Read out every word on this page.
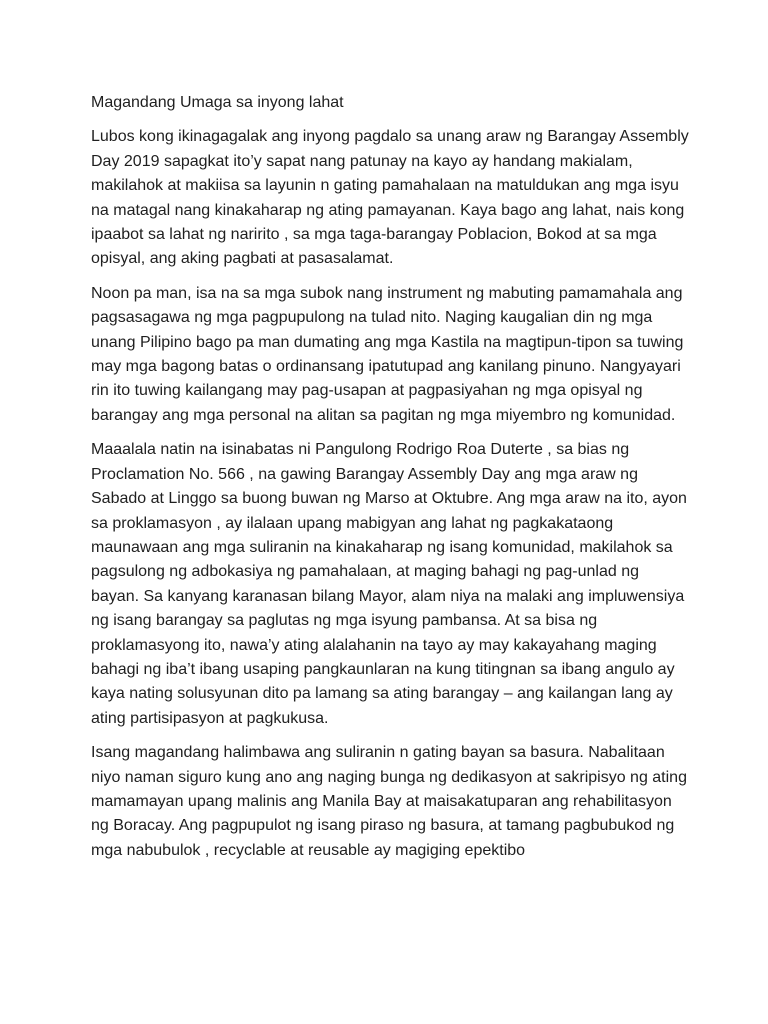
Magandang Umaga sa inyong lahat

Lubos kong ikinagagalak ang inyong pagdalo sa unang araw ng Barangay Assembly Day 2019 sapagkat ito’y sapat nang patunay na kayo ay handang makialam, makilahok at makiisa sa layunin n gating pamahalaan na matuldukan ang mga isyu na matagal nang kinakaharap ng ating pamayanan. Kaya bago ang lahat, nais kong ipaabot sa lahat ng naririto , sa mga taga-barangay Poblacion, Bokod at sa mga opisyal, ang aking pagbati at pasasalamat.

Noon pa man, isa na sa mga subok nang instrument ng mabuting pamamahala ang pagsasagawa ng mga pagpupulong na tulad nito. Naging kaugalian din ng mga unang Pilipino bago pa man dumating ang mga Kastila na magtipun-tipon sa tuwing may mga bagong batas o ordinansang ipatutupad ang kanilang pinuno. Nangyayari rin ito tuwing kailangang may pag-usapan at pagpasiyahan ng mga opisyal ng barangay ang mga personal na alitan sa pagitan ng mga miyembro ng komunidad.

Maaalala natin na isinabatas ni Pangulong Rodrigo Roa Duterte , sa bias ng Proclamation No. 566 , na gawing Barangay Assembly Day ang mga araw ng Sabado at Linggo sa buong buwan ng Marso at Oktubre. Ang mga araw na ito, ayon sa proklamasyon , ay ilalaan upang mabigyan ang lahat ng pagkakataong maunawaan ang mga suliranin na kinakaharap ng isang komunidad, makilahok sa pagsulong ng adbokasiya ng pamahalaan, at maging bahagi ng pag-unlad ng bayan. Sa kanyang karanasan bilang Mayor, alam niya na malaki ang impluwensiya ng isang barangay sa paglutas ng mga isyung pambansa. At sa bisa ng proklamasyong ito, nawa’y ating alalahanin na tayo ay may kakayahang maging bahagi ng iba’t ibang usaping pangkaunlaran na kung titingnan sa ibang angulo ay kaya nating solusyunan dito pa lamang sa ating barangay – ang kailangan lang ay ating partisipasyon at pagkukusa.

Isang magandang halimbawa ang suliranin n gating bayan sa basura. Nabalitaan niyo naman siguro kung ano ang naging bunga ng dedikasyon at sakripisyo ng ating mamamayan upang malinis ang Manila Bay at maisakatuparan ang rehabilitasyon ng Boracay. Ang pagpupulot ng isang piraso ng basura, at tamang pagbubukod ng mga nabubulok , recyclable at reusable ay magiging epektibo
